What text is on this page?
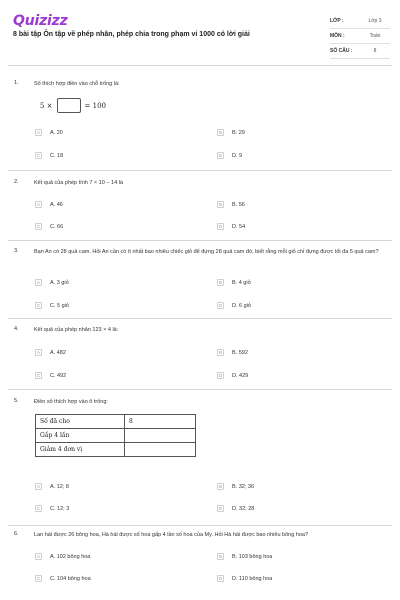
Quizizz
8 bài tập Ôn tập về phép nhân, phép chia trong phạm vi 1000 có lời giải
LỚP :	Lớp 3
MÔN :	Toán
SỐ CÂU :	8
1.	Số thích hợp điền vào chỗ trống là:
5 ×	= 100
A	A. 20	B	B. 29
C	C. 18	D	D. 9
2.	Kết quả của phép tính 7 × 10 − 14 là
A	A. 46	B	B. 56
C	C. 66	D	D. 54
3.	Bạn An có 28 quả cam. Hỏi An cần có ít nhất bao nhiêu chiếc giỏ để đựng 28 quả cam đó, biết rằng mỗi giỏ chỉ đựng được tối đa 5 quả cam?
A	A. 3 giỏ	B	B. 4 giỏ
C	C. 5 giỏ	D	D. 6 giỏ
4.	Kết quả của phép nhân 123 × 4 là:
A	A. 482	B	B. 592
C	C. 492	D	D. 429
5.	Điền số thích hợp vào ô trống:
Số đã cho	8
Gấp 4 lần	
Giảm 4 đơn vị	
A	A. 12; 8	B	B. 32; 36
C	C. 12; 3	D	D. 32; 28
6.	Lan hái được 26 bông hoa, Hà hái được số hoa gấp 4 lần số hoa của My. Hỏi Hà hái được bao nhiêu bông hoa?
A	A. 102 bông hoa	B	B. 103 bông hoa
C	C. 104 bông hoa	D	D. 110 bông hoa
